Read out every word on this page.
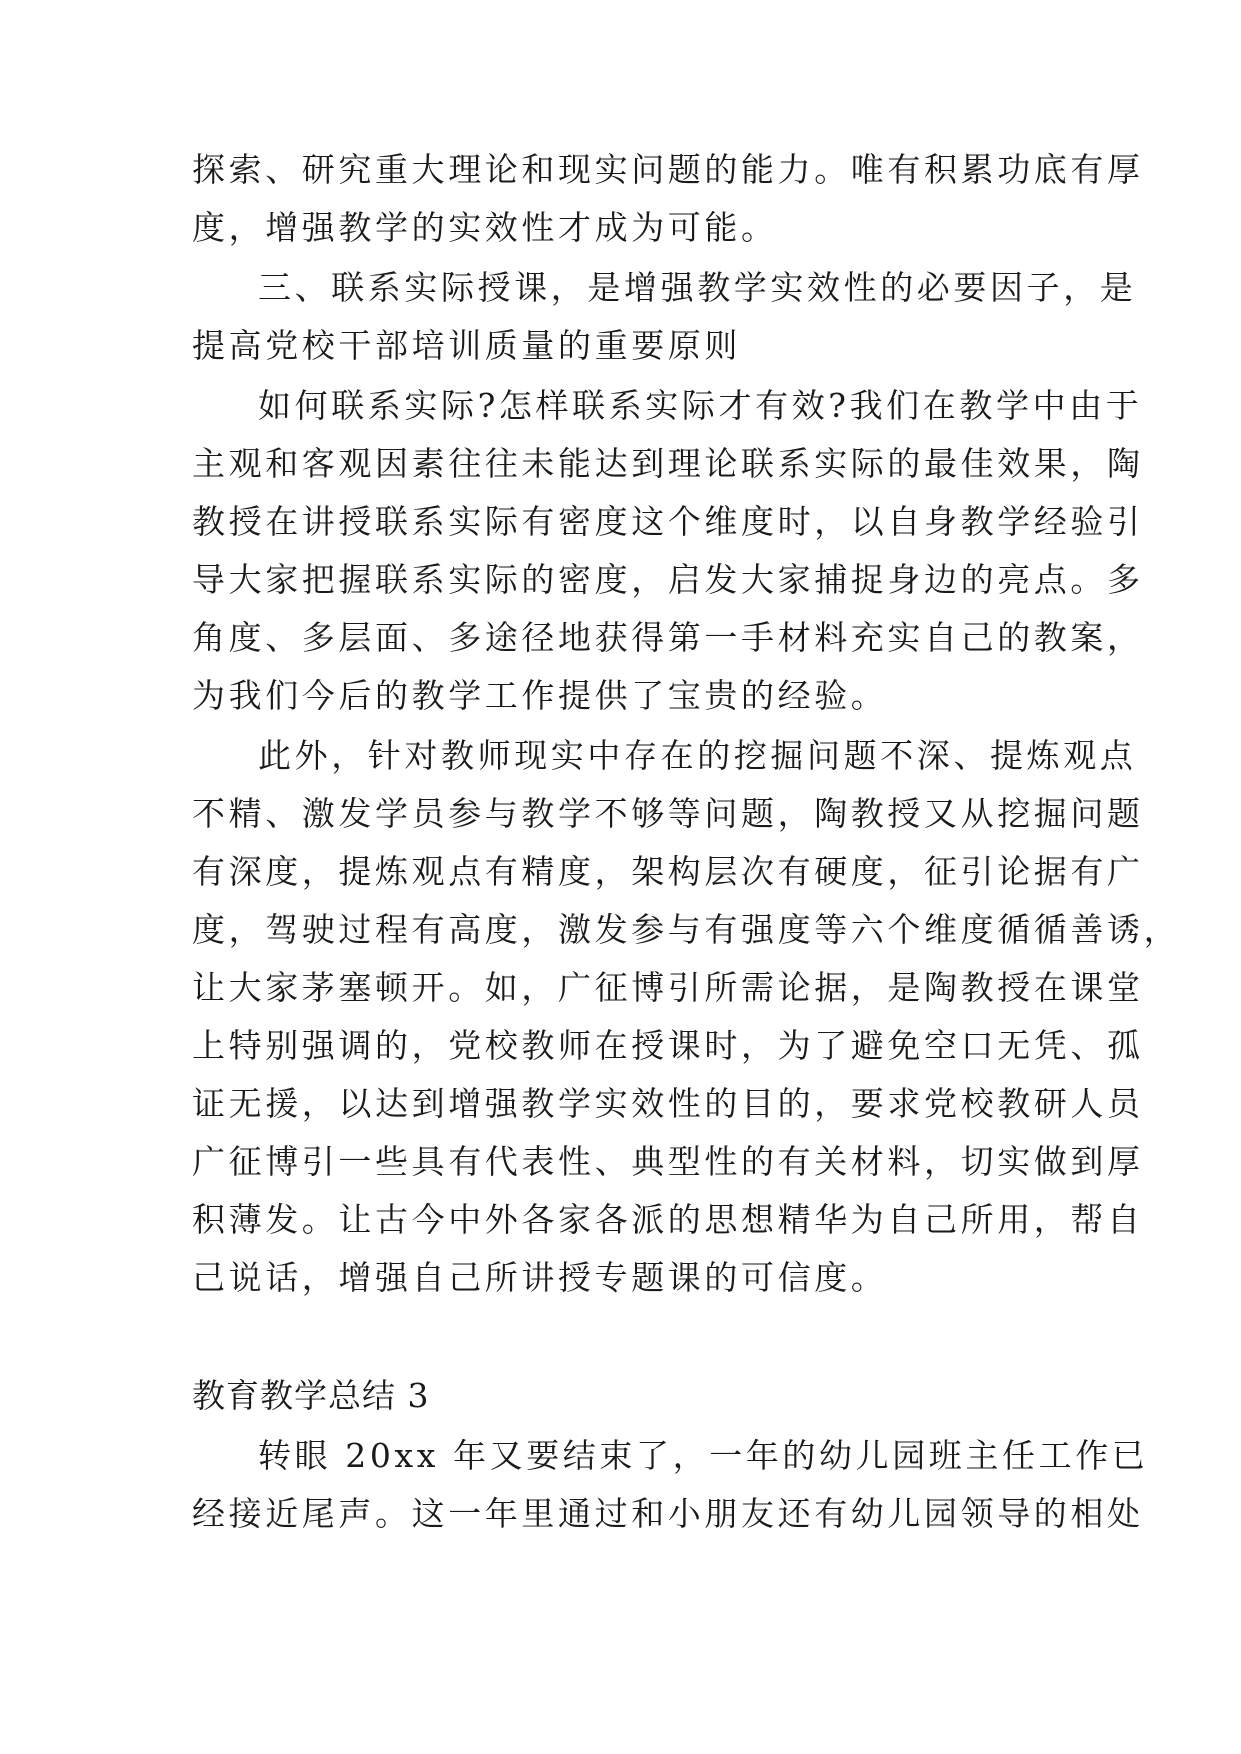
探索、研究重大理论和现实问题的能力。唯有积累功底有厚
度，增强教学的实效性才成为可能。
三、联系实际授课，是增强教学实效性的必要因子，是
提高党校干部培训质量的重要原则
如何联系实际?怎样联系实际才有效?我们在教学中由于
主观和客观因素往往未能达到理论联系实际的最佳效果，陶
教授在讲授联系实际有密度这个维度时，以自身教学经验引
导大家把握联系实际的密度，启发大家捕捉身边的亮点。多
角度、多层面、多途径地获得第一手材料充实自己的教案，
为我们今后的教学工作提供了宝贵的经验。
此外，针对教师现实中存在的挖掘问题不深、提炼观点
不精、激发学员参与教学不够等问题，陶教授又从挖掘问题
有深度，提炼观点有精度，架构层次有硬度，征引论据有广
度，驾驶过程有高度，激发参与有强度等六个维度循循善诱，
让大家茅塞顿开。如，广征博引所需论据，是陶教授在课堂
上特别强调的，党校教师在授课时，为了避免空口无凭、孤
证无援，以达到增强教学实效性的目的，要求党校教研人员
广征博引一些具有代表性、典型性的有关材料，切实做到厚
积薄发。让古今中外各家各派的思想精华为自己所用，帮自
己说话，增强自己所讲授专题课的可信度。
教育教学总结 3
转眼 20xx 年又要结束了，一年的幼儿园班主任工作已
经接近尾声。这一年里通过和小朋友还有幼儿园领导的相处
